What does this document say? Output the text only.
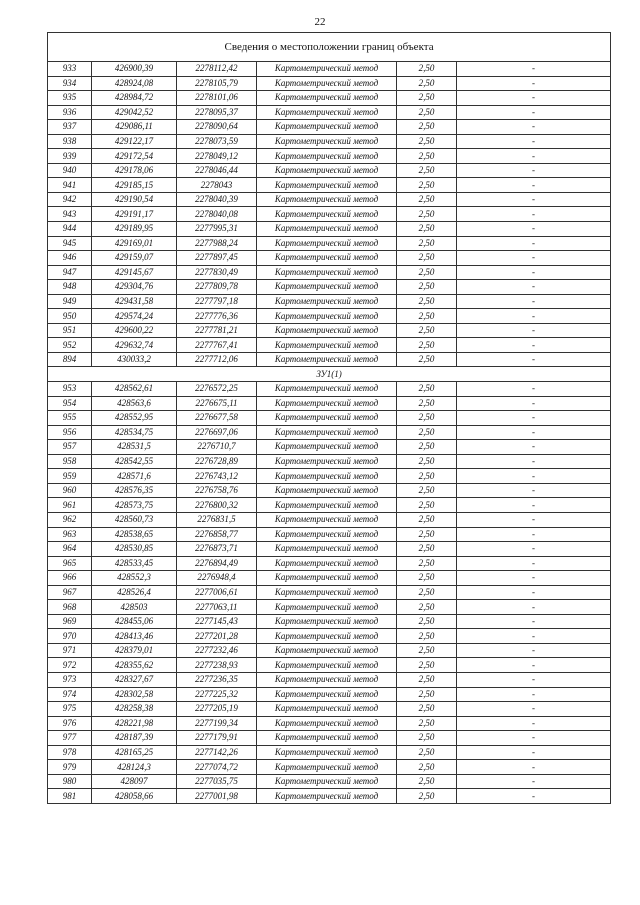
22
Сведения о местоположении границ объекта					
933	426900,39	2278112,42	Картометрический метод	2,50	-
934	428924,08	2278105,79	Картометрический метод	2,50	-
935	428984,72	2278101,06	Картометрический метод	2,50	-
936	429042,52	2278095,37	Картометрический метод	2,50	-
937	429086,11	2278090,64	Картометрический метод	2,50	-
938	429122,17	2278073,59	Картометрический метод	2,50	-
939	429172,54	2278049,12	Картометрический метод	2,50	-
940	429178,06	2278046,44	Картометрический метод	2,50	-
941	429185,15	2278043	Картометрический метод	2,50	-
942	429190,54	2278040,39	Картометрический метод	2,50	-
943	429191,17	2278040,08	Картометрический метод	2,50	-
944	429189,95	2277995,31	Картометрический метод	2,50	-
945	429169,01	2277988,24	Картометрический метод	2,50	-
946	429159,07	2277897,45	Картометрический метод	2,50	-
947	429145,67	2277830,49	Картометрический метод	2,50	-
948	429304,76	2277809,78	Картометрический метод	2,50	-
949	429431,58	2277797,18	Картометрический метод	2,50	-
950	429574,24	2277776,36	Картометрический метод	2,50	-
951	429600,22	2277781,21	Картометрический метод	2,50	-
952	429632,74	2277767,41	Картометрический метод	2,50	-
894	430033,2	2277712,06	Картометрический метод	2,50	-
ЗУ1(1)					
953	428562,61	2276572,25	Картометрический метод	2,50	-
954	428563,6	2276675,11	Картометрический метод	2,50	-
955	428552,95	2276677,58	Картометрический метод	2,50	-
956	428534,75	2276697,06	Картометрический метод	2,50	-
957	428531,5	2276710,7	Картометрический метод	2,50	-
958	428542,55	2276728,89	Картометрический метод	2,50	-
959	428571,6	2276743,12	Картометрический метод	2,50	-
960	428576,35	2276758,76	Картометрический метод	2,50	-
961	428573,75	2276800,32	Картометрический метод	2,50	-
962	428560,73	2276831,5	Картометрический метод	2,50	-
963	428538,65	2276858,77	Картометрический метод	2,50	-
964	428530,85	2276873,71	Картометрический метод	2,50	-
965	428533,45	2276894,49	Картометрический метод	2,50	-
966	428552,3	2276948,4	Картометрический метод	2,50	-
967	428526,4	2277006,61	Картометрический метод	2,50	-
968	428503	2277063,11	Картометрический метод	2,50	-
969	428455,06	2277145,43	Картометрический метод	2,50	-
970	428413,46	2277201,28	Картометрический метод	2,50	-
971	428379,01	2277232,46	Картометрический метод	2,50	-
972	428355,62	2277238,93	Картометрический метод	2,50	-
973	428327,67	2277236,35	Картометрический метод	2,50	-
974	428302,58	2277225,32	Картометрический метод	2,50	-
975	428258,38	2277205,19	Картометрический метод	2,50	-
976	428221,98	2277199,34	Картометрический метод	2,50	-
977	428187,39	2277179,91	Картометрический метод	2,50	-
978	428165,25	2277142,26	Картометрический метод	2,50	-
979	428124,3	2277074,72	Картометрический метод	2,50	-
980	428097	2277035,75	Картометрический метод	2,50	-
981	428058,66	2277001,98	Картометрический метод	2,50	-
